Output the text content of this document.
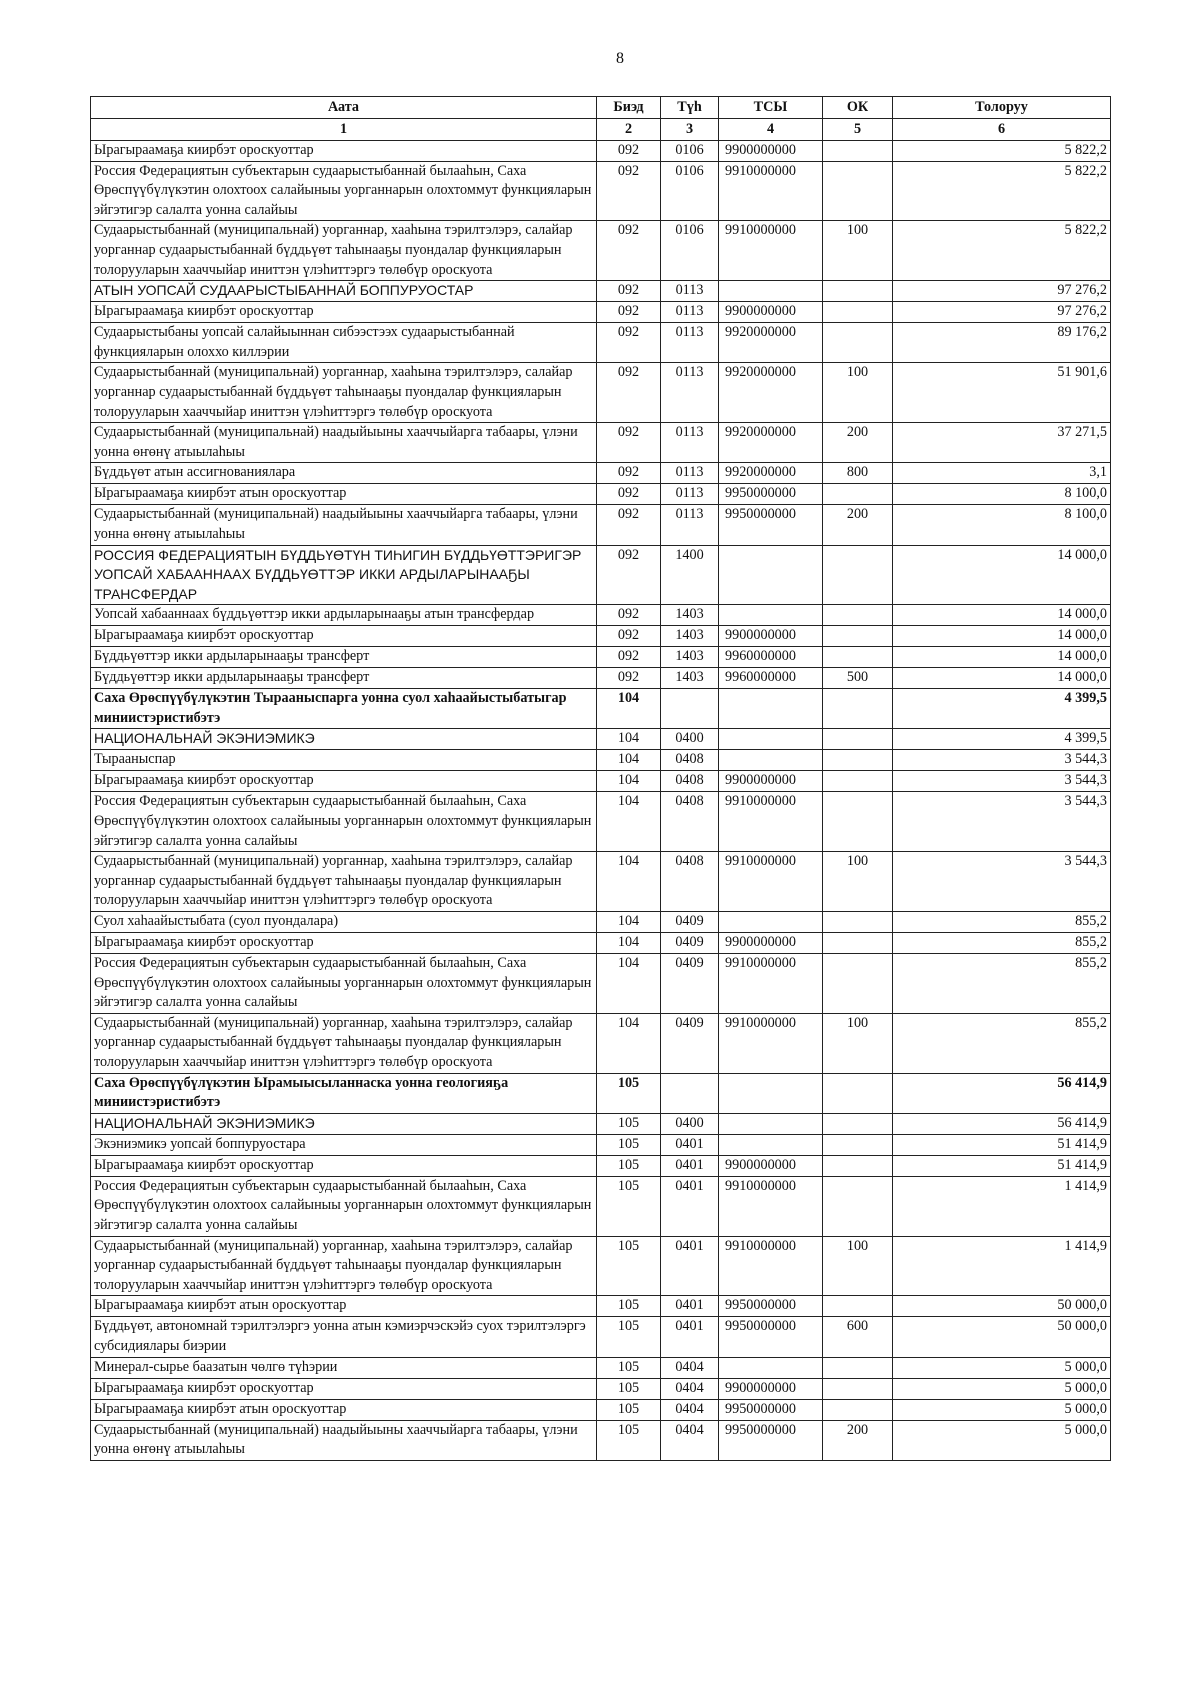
8
Аата	Биэд	Түһ	ТСЫ	ОК	Толоруу
1	2	3	4	5	6
Ырагыраамаҕа киирбэт ороскуоттар	092	0106	9900000000		5 822,2
Россия Федерациятын субъектарын судаарыстыбаннай былааһын, Саха Өрөспүүбүлүкэтин олохтоох салайыныы уорганнарын олохтоммут функцияларын эйгэтигэр салалта уонна салайыы	092	0106	9910000000		5 822,2
Судаарыстыбаннай (муниципальнай) уорганнар, хааһына тэрилтэлэрэ, салайар уорганнар судаарыстыбаннай бүддьүөт таһынааҕы пуондалар функцияларын толорууларын хааччыйар иниттэн үлэһиттэргэ төлөбүр ороскуота	092	0106	9910000000	100	5 822,2
АТЫН УОПСАЙ СУДААРЫСТЫБАННАЙ БОППУРУОСТАР	092	0113			97 276,2
Ырагыраамаҕа киирбэт ороскуоттар	092	0113	9900000000		97 276,2
Судаарыстыбаны уопсай салайыыннан сибээстээх судаарыстыбаннай функцияларын олоххо киллэрии	092	0113	9920000000		89 176,2
Судаарыстыбаннай (муниципальнай) уорганнар, хааһына тэрилтэлэрэ, салайар уорганнар судаарыстыбаннай бүддьүөт таһынааҕы пуондалар функцияларын толорууларын хааччыйар иниттэн үлэһиттэргэ төлөбүр ороскуота	092	0113	9920000000	100	51 901,6
Судаарыстыбаннай (муниципальнай) наадыйыыны хааччыйарга табаары, үлэни уонна өҥөнү атыылаһыы	092	0113	9920000000	200	37 271,5
Бүддьүөт атын ассигнованиялара	092	0113	9920000000	800	3,1
Ырагыраамаҕа киирбэт атын ороскуоттар	092	0113	9950000000		8 100,0
Судаарыстыбаннай (муниципальнай) наадыйыыны хааччыйарга табаары, үлэни уонна өҥөнү атыылаһыы	092	0113	9950000000	200	8 100,0
РОССИЯ ФЕДЕРАЦИЯТЫН БҮДДЬҮӨТҮН ТИҺИГИН БҮДДЬҮӨТТЭРИГЭР УОПСАЙ ХАБААННААХ БҮДДЬҮӨТТЭР ИККИ АРДЫЛАРЫНААҔЫ ТРАНСФЕРДАР	092	1400			14 000,0
Уопсай хабааннаах бүддьүөттэр икки ардыларынааҕы атын трансфердар	092	1403			14 000,0
Ырагыраамаҕа киирбэт ороскуоттар	092	1403	9900000000		14 000,0
Бүддьүөттэр икки ардыларынааҕы трансферт	092	1403	9960000000		14 000,0
Бүддьүөттэр икки ардыларынааҕы трансферт	092	1403	9960000000	500	14 000,0
Саха Өрөспүүбүлүкэтин Тырааныспарга уонна суол хаһаайыстыбатыгар миниистэристибэтэ	104				4 399,5
НАЦИОНАЛЬНАЙ ЭКЭНИЭМИКЭ	104	0400			4 399,5
Тырааныспар	104	0408			3 544,3
Ырагыраамаҕа киирбэт ороскуоттар	104	0408	9900000000		3 544,3
Россия Федерациятын субъектарын судаарыстыбаннай былааһын, Саха Өрөспүүбүлүкэтин олохтоох салайыныы уорганнарын олохтоммут функцияларын эйгэтигэр салалта уонна салайыы	104	0408	9910000000		3 544,3
Судаарыстыбаннай (муниципальнай) уорганнар, хааһына тэрилтэлэрэ, салайар уорганнар судаарыстыбаннай бүддьүөт таһынааҕы пуондалар функцияларын толорууларын хааччыйар иниттэн үлэһиттэргэ төлөбүр ороскуота	104	0408	9910000000	100	3 544,3
Суол хаһаайыстыбата (суол пуондалара)	104	0409			855,2
Ырагыраамаҕа киирбэт ороскуоттар	104	0409	9900000000		855,2
Россия Федерациятын субъектарын судаарыстыбаннай былааһын, Саха Өрөспүүбүлүкэтин олохтоох салайыныы уорганнарын олохтоммут функцияларын эйгэтигэр салалта уонна салайыы	104	0409	9910000000		855,2
Судаарыстыбаннай (муниципальнай) уорганнар, хааһына тэрилтэлэрэ, салайар уорганнар судаарыстыбаннай бүддьүөт таһынааҕы пуондалар функцияларын толорууларын хааччыйар иниттэн үлэһиттэргэ төлөбүр ороскуота	104	0409	9910000000	100	855,2
Саха Өрөспүүбүлүкэтин Ырамыысыланнаска уонна геологияҕа миниистэристибэтэ	105				56 414,9
НАЦИОНАЛЬНАЙ ЭКЭНИЭМИКЭ	105	0400			56 414,9
Экэниэмикэ уопсай боппуруостара	105	0401			51 414,9
Ырагыраамаҕа киирбэт ороскуоттар	105	0401	9900000000		51 414,9
Россия Федерациятын субъектарын судаарыстыбаннай былааһын, Саха Өрөспүүбүлүкэтин олохтоох салайыныы уорганнарын олохтоммут функцияларын эйгэтигэр салалта уонна салайыы	105	0401	9910000000		1 414,9
Судаарыстыбаннай (муниципальнай) уорганнар, хааһына тэрилтэлэрэ, салайар уорганнар судаарыстыбаннай бүддьүөт таһынааҕы пуондалар функцияларын толорууларын хааччыйар иниттэн үлэһиттэргэ төлөбүр ороскуота	105	0401	9910000000	100	1 414,9
Ырагыраамаҕа киирбэт атын ороскуоттар	105	0401	9950000000		50 000,0
Бүддьүөт, автономнай тэрилтэлэргэ уонна атын кэмиэрчэскэйэ суох тэрилтэлэргэ субсидиялары биэрии	105	0401	9950000000	600	50 000,0
Минерал-сырье баазатын чөлгө түһэрии	105	0404			5 000,0
Ырагыраамаҕа киирбэт ороскуоттар	105	0404	9900000000		5 000,0
Ырагыраамаҕа киирбэт атын ороскуоттар	105	0404	9950000000		5 000,0
Судаарыстыбаннай (муниципальнай) наадыйыыны хааччыйарга табаары, үлэни уонна өҥөнү атыылаһыы	105	0404	9950000000	200	5 000,0
